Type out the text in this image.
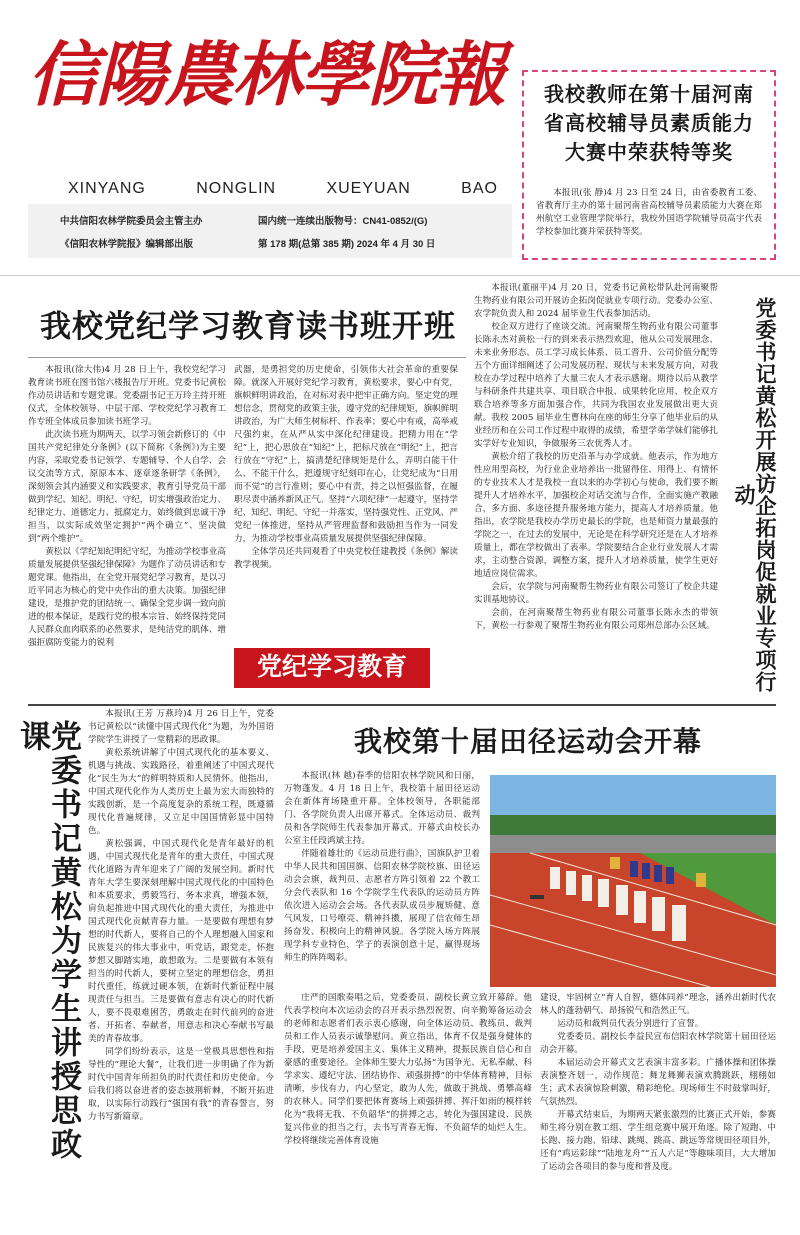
信陽農林學院報
XINYANG	NONGLIN	XUEYUAN	BAO
中共信阳农林学院委员会主管主办
《信阳农林学院报》编辑部出版
国内统一连续出版物号：CN41-0852/(G)
第 178 期(总第 385 期) 2024 年 4 月 30 日
我校教师在第十届河南省高校辅导员素质能力大赛中荣获特等奖

本报讯(张 静)4 月 23 日至 24 日，由省委教育工委、省教育厅主办的第十届河南省高校辅导员素质能力大赛在郑州航空工业管理学院举行，我校外国语学院辅导员高宇代表学校参加比赛并荣获特等奖。

我校党纪学习教育读书班开班

本报讯(徐大伟)4 月 28 日上午，我校党纪学习教育读书班在图书馆六楼报告厅开班。党委书记黄松作动员讲话和专题党课。党委副书记王万玲主持开班仪式，全体校领导、中层干部、学校党纪学习教育工作专班全体成员参加读书班学习。

此次读书班为期两天，以学习领会新修订的《中国共产党纪律处分条例》(以下简称《条例》)为主要内容，采取党委书记领学、专题辅导、个人自学、会议交流等方式，原原本本、逐章逐条研学《条例》，深刻领会其内涵要义和实践要求，教育引导党员干部做到学纪、知纪、明纪、守纪，切实增强政治定力、纪律定力、道德定力、抵腐定力，始终做到忠诚干净担当，以实际成效坚定拥护“两个确立”、坚决做到“两个维护”。

黄松以《学纪知纪明纪守纪，为推动学校事业高质量发展提供坚强纪律保障》为题作了动员讲话和专题党课。他指出，在全党开展党纪学习教育，是以习近平同志为核心的党中央作出的重大决策。加强纪律建设，是推护党的团结统一、确保全党步调一致向前进的根本保证，是践行党的根本宗旨、始终保持党同人民群众血肉联系的必然要求，是纯洁党的肌体、增强拒腐防变能力的锐利

武器，是勇担党的历史使命，引领伟大社会革命的重要保障。就深入开展好党纪学习教育，黄松要求，要心中有党，旗帜鲜明讲政治，在对标对表中把牢正确方向。坚定党的理想信念，贯彻党的政策主张，遵守党的纪律规矩，旗帜鲜明讲政治，为广大师生树标杆、作表率；要心中有戒，高举戒尺强约束，在从严从实中深化纪律建设。把精力用在“学纪”上，把心思放在“知纪”上，把标尺放在“明纪”上，把言行放在“守纪”上，搞清楚纪律规矩是什么，弄明白能干什么、不能干什么，把遵规守纪刻印在心，让党纪成为“日用而不觉”的言行准则；要心中有责，持之以恒强监督，在履职尽责中涵养新风正气。坚持“六项纪律”一起遵守，坚持学纪、知纪、明纪、守纪一并落实，坚持强党性、正党风、严党纪一体推进，坚持从严管理监督和鼓励担当作为一同发力，为推动学校事业高质量发展提供坚强纪律保障。

全体学员还共同观看了中央党校任建教授《条例》解读教学视频。

党纪学习教育

本报讯(董丽平)4 月 20 日，党委书记黄松带队赴河南聚帮生物药业有限公司开展访企拓岗促就业专项行动。党委办公室、农学院负责人和 2024 届毕业生代表参加活动。

校企双方进行了座谈交流。河南聚帮生物药业有限公司董事长陈永杰对黄松一行的到来表示热烈欢迎，他从公司发展理念、未来业务形态、员工学习成长体系、员工晋升、公司价值分配等五个方面详细阐述了公司发展历程、现状与未来发展方向，对我校在办学过程中培养了大量三农人才表示感谢。期待以后从教学与科研条件共建共享、项目联合申报、成果转化应用、校企双方联合培养等多方面加强合作，共同为我国农业发展做出更大贡献。我校 2005 届毕业生曹林向在座的师生分享了他毕业后的从业经历和在公司工作过程中取得的成绩，希望学弟学妹们能够扎实学好专业知识，争做服务三农优秀人才。

黄松介绍了我校的历史沿革与办学成就。他表示，作为地方性应用型高校，为行业企业培养出一批留得住、用得上、有情怀的专业技术人才是我校一直以来的办学初心与使命，我们要不断提升人才培养水平，加强校企对话交流与合作，全面实施产教融合，多方面、多途径提升服务地方能力，提高人才培养质量。他指出，农学院是我校办学历史最长的学院，也是师资力量最强的学院之一，在过去的发展中，无论是在科学研究还是在人才培养质量上，都在学校做出了表率。学院要结合企业行业发展人才需求，主动整合资源，调整方案，提升人才培养质量，使学生更好地适应岗位需求。

会后，农学院与河南聚帮生物药业有限公司签订了校企共建实训基地协议。

会前，在河南聚帮生物药业有限公司董事长陈永杰的带领下，黄松一行参观了聚帮生物药业有限公司郑州总部办公区域。	党委书记黄松开展访企拓岗促就业专项行动
党委书记黄松为学生讲授思政课

本报讯(王芳 万燕玲)4 月 26 日上午，党委书记黄松以“读懂中国式现代化”为题，为外国语学院学生讲授了一堂精彩的思政课。

黄松系统讲解了中国式现代化的基本要义、机遇与挑战、实践路径，着重阐述了中国式现代化“民生为大”的鲜明特质和人民情怀。他指出，中国式现代化作为人类历史上最为宏大而独特的实践创新，是一个高度复杂的系统工程，既遵循现代化普遍规律，又立足中国国情彰显中国特色。

黄松强调，中国式现代化是青年最好的机遇，中国式现代化是青年的重大责任，中国式现代化道路为青年迎来了广阔的发展空间。新时代青年大学生要深刻理解中国式现代化的中国特色和本质要求，勇毅笃行，务本求真，增强本领，肩负起推进中国式现代化的重大责任，为推进中国式现代化贡献青春力量。一是要做有理想有梦想的时代新人，要将自己的个人理想融入国家和民族复兴的伟大事业中，听党话，跟党走，怀抱梦想又脚踏实地，敢想敢为。二是要做有本领有担当的时代新人，要树立坚定的理想信念，勇担时代重任，练就过硬本领，在新时代新征程中展现责任与担当。三是要做有意志有决心的时代新人，要不畏艰难困苦，勇敢走在时代前列的奋进者、开拓者、奉献者，用意志和决心奉献书写最美的青春故事。

同学们纷纷表示，这是一堂极具思想性和指导性的“理论大餐”，让我们进一步明确了作为新时代中国青年所担负的时代责任和历史使命。今后我们将以奋进者的姿态披荆斩棘，不断开拓进取，以实际行动践行“强国有我”的青春誓言，努力书写新篇章。

我校第十届田径运动会开幕

本报讯(林 越)春季的信阳农林学院风和日丽，万物蓬发。4 月 18 日上午，我校第十届田径运动会在新体育场隆重开幕。全体校领导，各职能部门、各学院负责人出席开幕式。全体运动员、裁判员和各学院师生代表参加开幕式。开幕式由校长办公室主任段鸿斌主持。

伴随着雄壮的《运动员进行曲》，国旗队护卫着中华人民共和国国旗、信阳农林学院校旗、田径运动会会旗，裁判员、志愿者方阵引领着 22 个教工分会代表队和 16 个学院学生代表队的运动员方阵依次进入运动会会场。各代表队成员步履矫健、意气风发，口号嘹亮、精神抖擞，展现了信农师生昂扬奋发、积极向上的精神风貌。各学院入场方阵展现学科专业特色，学子的表演创意十足，赢得现场师生的阵阵喝彩。

庄严的国歌奏唱之后，党委委员、副校长黄立致开幕辞。他代表学校向本次运动会的召开表示热烈祝贺，向辛勤筹备运动会的老师和志愿者们表示衷心感谢，向全体运动员、教练员、裁判员和工作人员表示诚挚慰问。黄立指出，体育不仅是强身健体的手段，更是培养爱国主义、集体主义精神，提振民族自信心和自豪感的重要途径。全体师生要大力弘扬“为国争光、无私奉献、科学求实、遵纪守法、团结协作、顽强拼搏”的中华体育精神，目标清晰，步伐有力，内心坚定，敢为人先，做敢于挑战、勇攀高峰的农林人。同学们要把体育赛场上顽强拼搏、挥汗如雨的模样转化为“我将无我、不负韶华”的拼搏之志，转化为强国建设、民族复兴伟业的担当之行，去书写青春无悔、不负韶华的灿烂人生。学校将继续完善体育设施

建设，牢固树立“育人自智，德体同养”理念，涵养出新时代农林人的蓬勃朝气、昂扬锐气和浩然正气。

运动员和裁判员代表分别进行了宣誓。

党委委员、副校长李益民宣布信阳农林学院第十届田径运动会开幕。

本届运动会开幕式文艺表演丰富多彩。广播体操和团体操表演整齐划一，动作规范；舞龙舞狮表演欢腾跳跃，栩栩如生；武术表演惊险刺激，精彩绝伦。现场师生不时鼓掌叫好，气氛热烈。

开幕式结束后，为期两天紧张激烈的比赛正式开始，参赛师生将分别在教工组、学生组竞赛中展开角逐。除了短跑、中长跑、接力跑、铅球、跳绳、跳高、跳远等常规田径项目外，还有“鸡运彩球”“陆地龙舟”“五人六足”等趣味项目，大大增加了运动会各项目的参与度和普及度。
